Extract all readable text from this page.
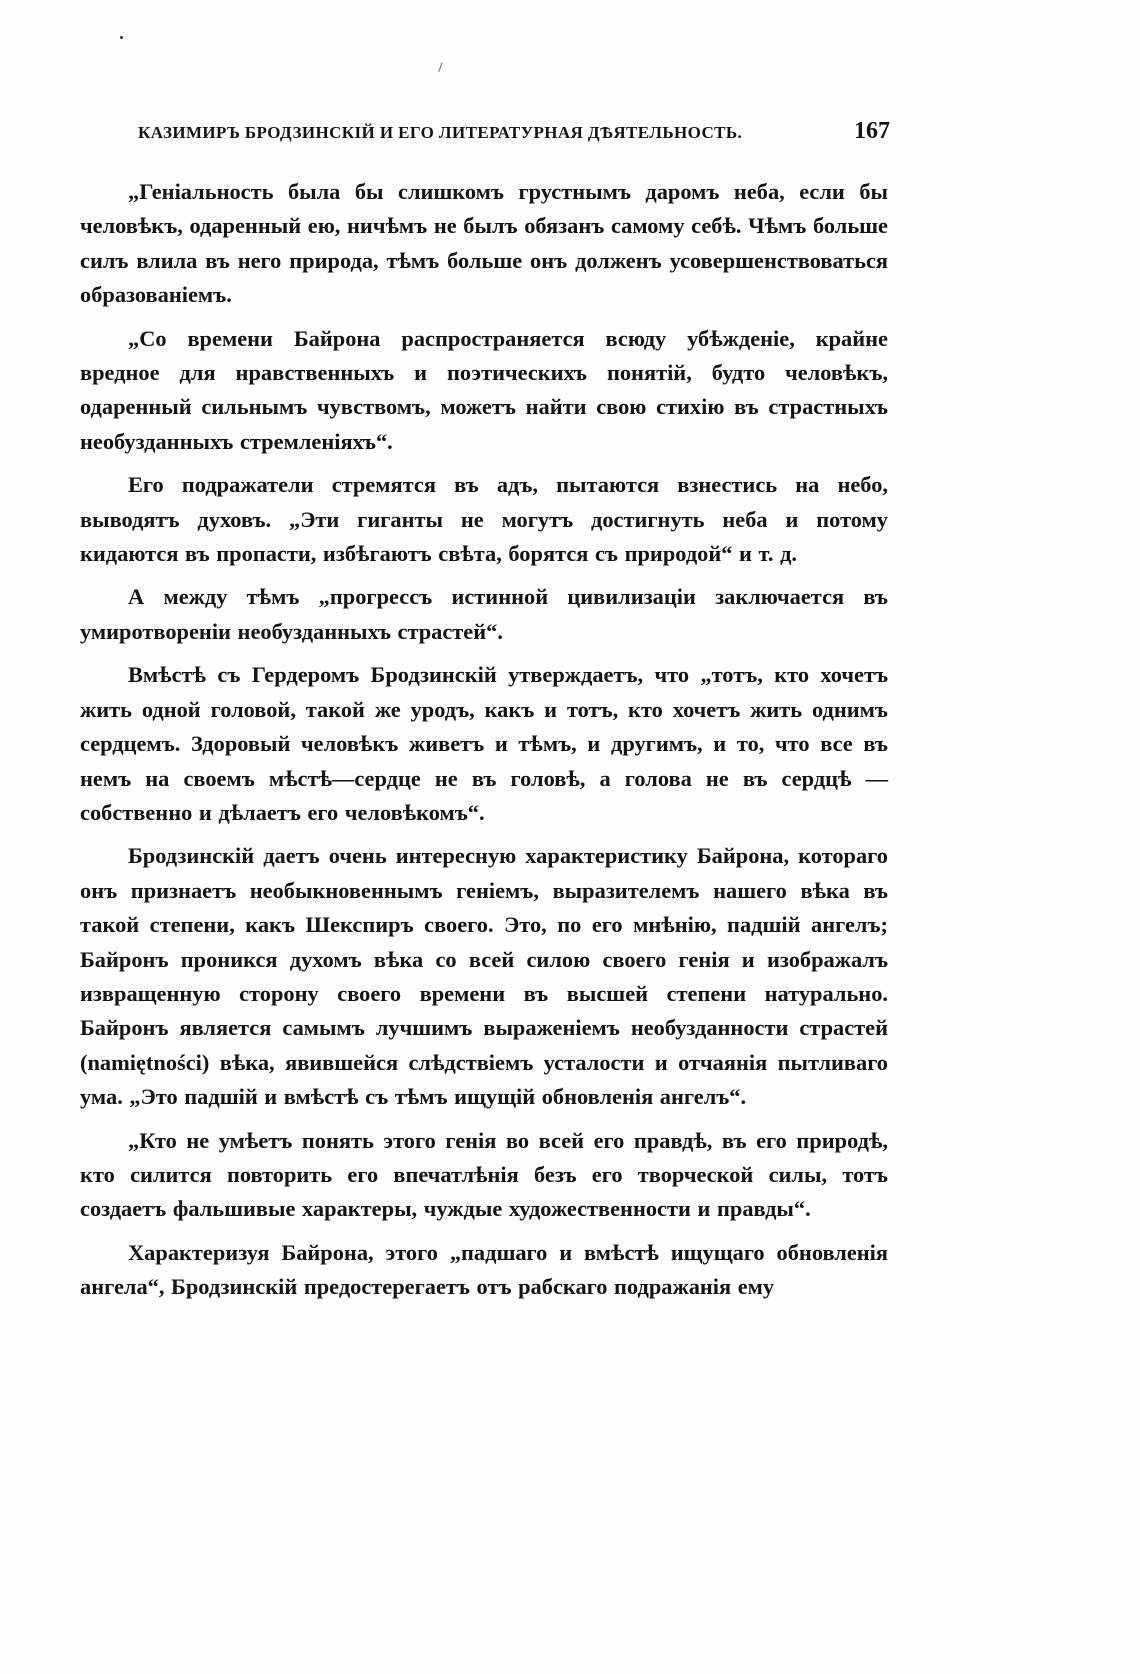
КАЗИМИРЪ БРОДЗИНСКІЙ И ЕГО ЛИТЕРАТУРНАЯ ДѢЯТЕЛЬНОСТЬ.	167

„Геніальность была бы слишкомъ грустнымъ даромъ неба, если бы человѣкъ, одаренный ею, ничѣмъ не былъ обязанъ самому себѣ. Чѣмъ больше силъ влила въ него природа, тѣмъ больше онъ долженъ усовершенствоваться образованіемъ.

„Со времени Байрона распространяется всюду убѣжденіе, крайне вредное для нравственныхъ и поэтическихъ понятій, будто человѣкъ, одаренный сильнымъ чувствомъ, можетъ найти свою стихію въ страстныхъ необузданныхъ стремленіяхъ“.

Его подражатели стремятся въ адъ, пытаются взнестись на небо, выводятъ духовъ. „Эти гиганты не могутъ достигнуть неба и потому кидаются въ пропасти, избѣгаютъ свѣта, борятся съ природой“ и т. д.

А между тѣмъ „прогрессъ истинной цивилизаціи заключается въ умиротвореніи необузданныхъ страстей“.

Вмѣстѣ съ Гердеромъ Бродзинскій утверждаетъ, что „тотъ, кто хочетъ жить одной головой, такой же уродъ, какъ и тотъ, кто хочетъ жить однимъ сердцемъ. Здоровый человѣкъ живетъ и тѣмъ, и другимъ, и то, что все въ немъ на своемъ мѣстѣ—сердце не въ головѣ, а голова не въ сердцѣ — собственно и дѣлаетъ его человѣкомъ“.

Бродзинскій даетъ очень интересную характеристику Байрона, котораго онъ признаетъ необыкновеннымъ геніемъ, выразителемъ нашего вѣка въ такой степени, какъ Шекспиръ своего. Это, по его мнѣнію, падшій ангелъ; Байронъ проникся духомъ вѣка со всей силою своего генія и изображалъ извращенную сторону своего времени въ высшей степени натурально. Байронъ является самымъ лучшимъ выраженіемъ необузданности страстей (namiętności) вѣка, явившейся слѣдствіемъ усталости и отчаянія пытливаго ума. „Это падшій и вмѣстѣ съ тѣмъ ищущій обновленія ангелъ“.

„Кто не умѣетъ понять этого генія во всей его правдѣ, въ его природѣ, кто силится повторить его впечатлѣнія безъ его творческой силы, тотъ создаетъ фальшивые характеры, чуждые художественности и правды“.

Характеризуя Байрона, этого „падшаго и вмѣстѣ ищущаго обновленія ангела“, Бродзинскій предостерегаетъ отъ рабскаго подражанія ему
